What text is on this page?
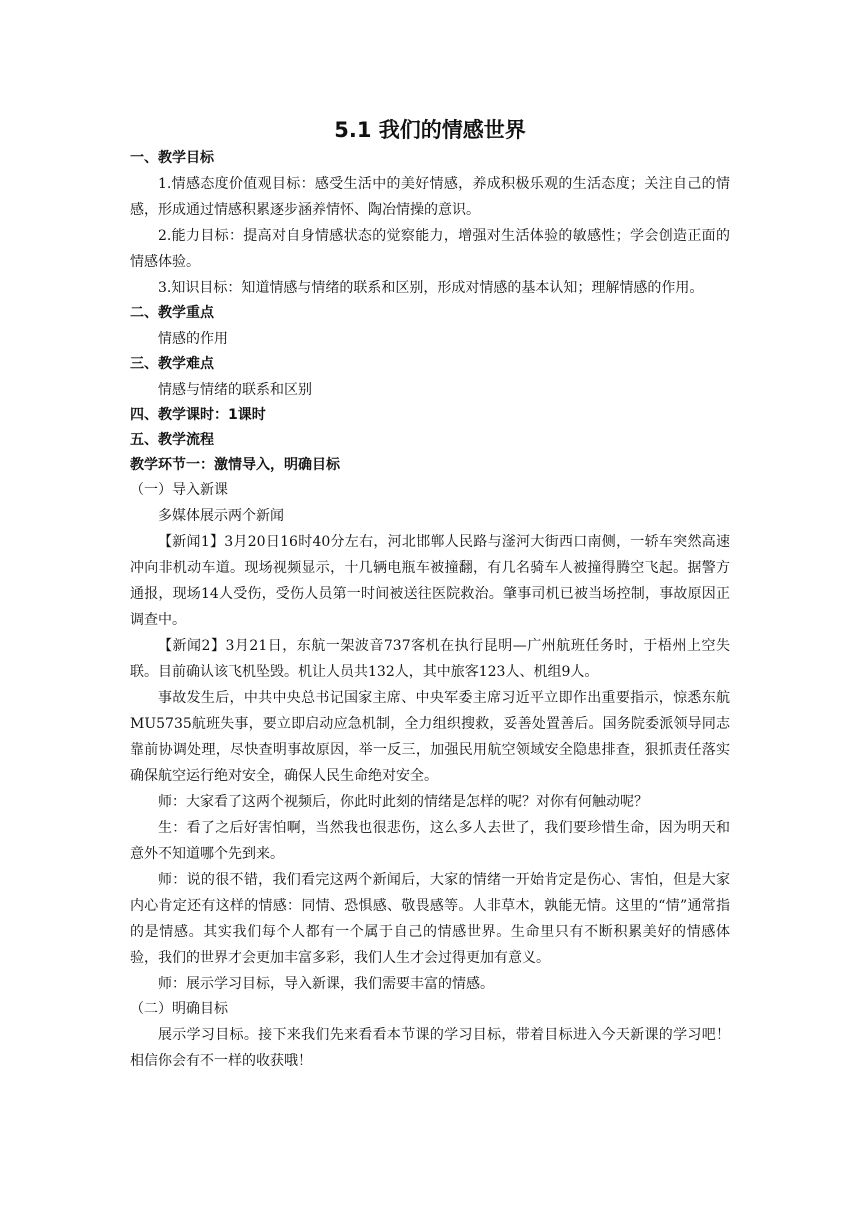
5.1 我们的情感世界
一、教学目标

1.情感态度价值观目标：感受生活中的美好情感，养成积极乐观的生活态度；关注自己的情感，形成通过情感积累逐步涵养情怀、陶冶情操的意识。

2.能力目标：提高对自身情感状态的觉察能力，增强对生活体验的敏感性；学会创造正面的情感体验。

3.知识目标：知道情感与情绪的联系和区别，形成对情感的基本认知；理解情感的作用。

二、教学重点
情感的作用
三、教学难点
情感与情绪的联系和区别
四、教学课时：1课时
五、教学流程
教学环节一：激情导入，明确目标
（一）导入新课
多媒体展示两个新闻

【新闻1】3月20日16时40分左右，河北邯郸人民路与滏河大街西口南侧，一轿车突然高速冲向非机动车道。现场视频显示，十几辆电瓶车被撞翻，有几名骑车人被撞得腾空飞起。据警方通报，现场14人受伤，受伤人员第一时间被送往医院救治。肇事司机已被当场控制，事故原因正调查中。

【新闻2】3月21日，东航一架波音737客机在执行昆明—广州航班任务时，于梧州上空失联。目前确认该飞机坠毁。机让人员共132人，其中旅客123人、机组9人。

事故发生后，中共中央总书记国家主席、中央军委主席习近平立即作出重要指示，惊悉东航MU5735航班失事，要立即启动应急机制，全力组织搜救，妥善处置善后。国务院委派领导同志靠前协调处理，尽快查明事故原因，举一反三，加强民用航空领域安全隐患排查，狠抓责任落实确保航空运行绝对安全，确保人民生命绝对安全。

师：大家看了这两个视频后，你此时此刻的情绪是怎样的呢？对你有何触动呢？

生：看了之后好害怕啊，当然我也很悲伤，这么多人去世了，我们要珍惜生命，因为明天和意外不知道哪个先到来。

师：说的很不错，我们看完这两个新闻后，大家的情绪一开始肯定是伤心、害怕，但是大家内心肯定还有这样的情感：同情、恐惧感、敬畏感等。人非草木，孰能无情。这里的“情”通常指的是情感。其实我们每个人都有一个属于自己的情感世界。生命里只有不断积累美好的情感体验，我们的世界才会更加丰富多彩，我们人生才会过得更加有意义。

师：展示学习目标，导入新课，我们需要丰富的情感。

（二）明确目标

展示学习目标。接下来我们先来看看本节课的学习目标，带着目标进入今天新课的学习吧！相信你会有不一样的收获哦！
